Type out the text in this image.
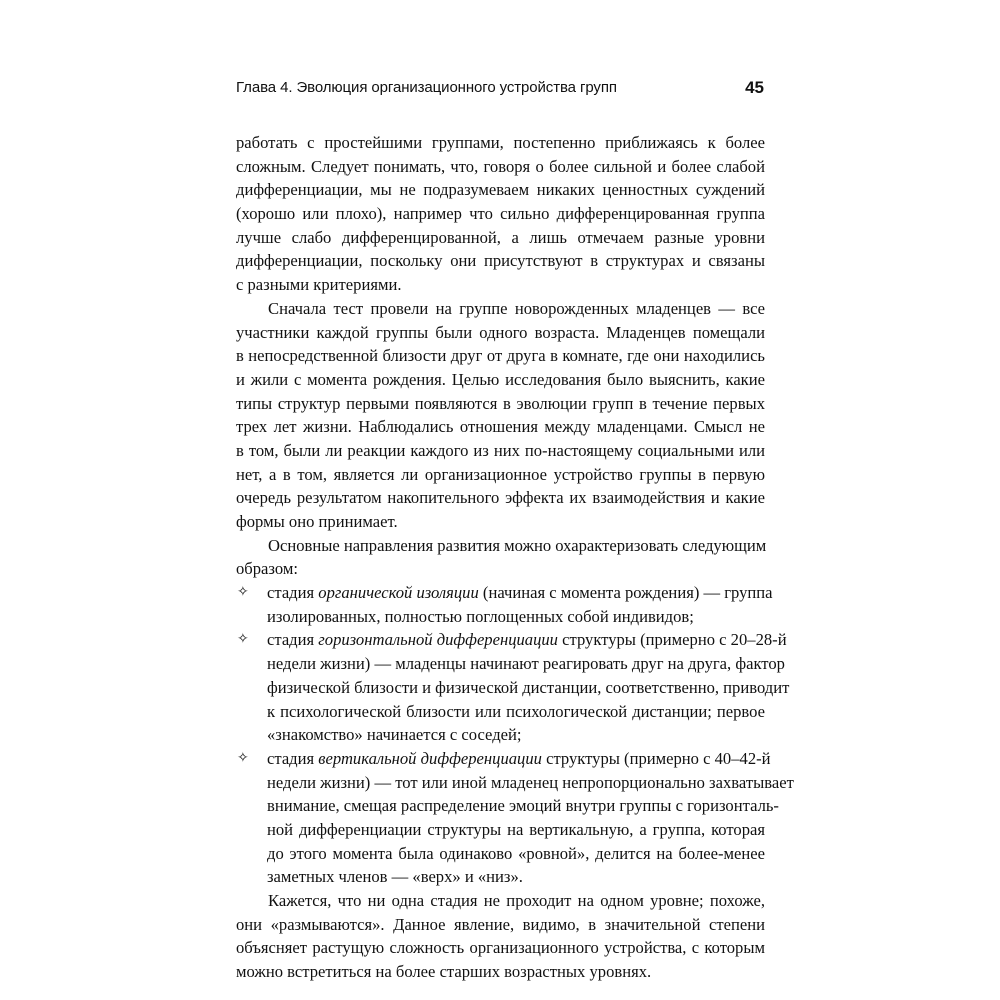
Глава 4. Эволюция организационного устройства групп	45
работать с простейшими группами, постепенно приближаясь к более
сложным. Следует понимать, что, говоря о более сильной и более слабой
дифференциации, мы не подразумеваем никаких ценностных суждений
(хорошо или плохо), например что сильно дифференцированная группа
лучше слабо дифференцированной, а лишь отмечаем разные уровни
дифференциации, поскольку они присутствуют в структурах и связаны
с разными критериями.
Сначала тест провели на группе новорожденных младенцев — все
участники каждой группы были одного возраста. Младенцев помещали
в непосредственной близости друг от друга в комнате, где они находились
и жили с момента рождения. Целью исследования было выяснить, какие
типы структур первыми появляются в эволюции групп в течение первых
трех лет жизни. Наблюдались отношения между младенцами. Смысл не
в том, были ли реакции каждого из них по-настоящему социальными или
нет, а в том, является ли организационное устройство группы в первую
очередь результатом накопительного эффекта их взаимодействия и какие
формы оно принимает.
Основные направления развития можно охарактеризовать следующим
образом:
✧ стадия органической изоляции (начиная с момента рождения) — группа
изолированных, полностью поглощенных собой индивидов;
✧ стадия горизонтальной дифференциации структуры (примерно с 20–28-й
недели жизни) — младенцы начинают реагировать друг на друга, фактор
физической близости и физической дистанции, соответственно, приводит
к психологической близости или психологической дистанции; первое
«знакомство» начинается с соседей;
✧ стадия вертикальной дифференциации структуры (примерно с 40–42-й
недели жизни) — тот или иной младенец непропорционально захватывает
внимание, смещая распределение эмоций внутри группы с горизонталь-
ной дифференциации структуры на вертикальную, а группа, которая
до этого момента была одинаково «ровной», делится на более-менее
заметных членов — «верх» и «низ».
Кажется, что ни одна стадия не проходит на одном уровне; похоже,
они «размываются». Данное явление, видимо, в значительной степени
объясняет растущую сложность организационного устройства, с которым
можно встретиться на более старших возрастных уровнях.
